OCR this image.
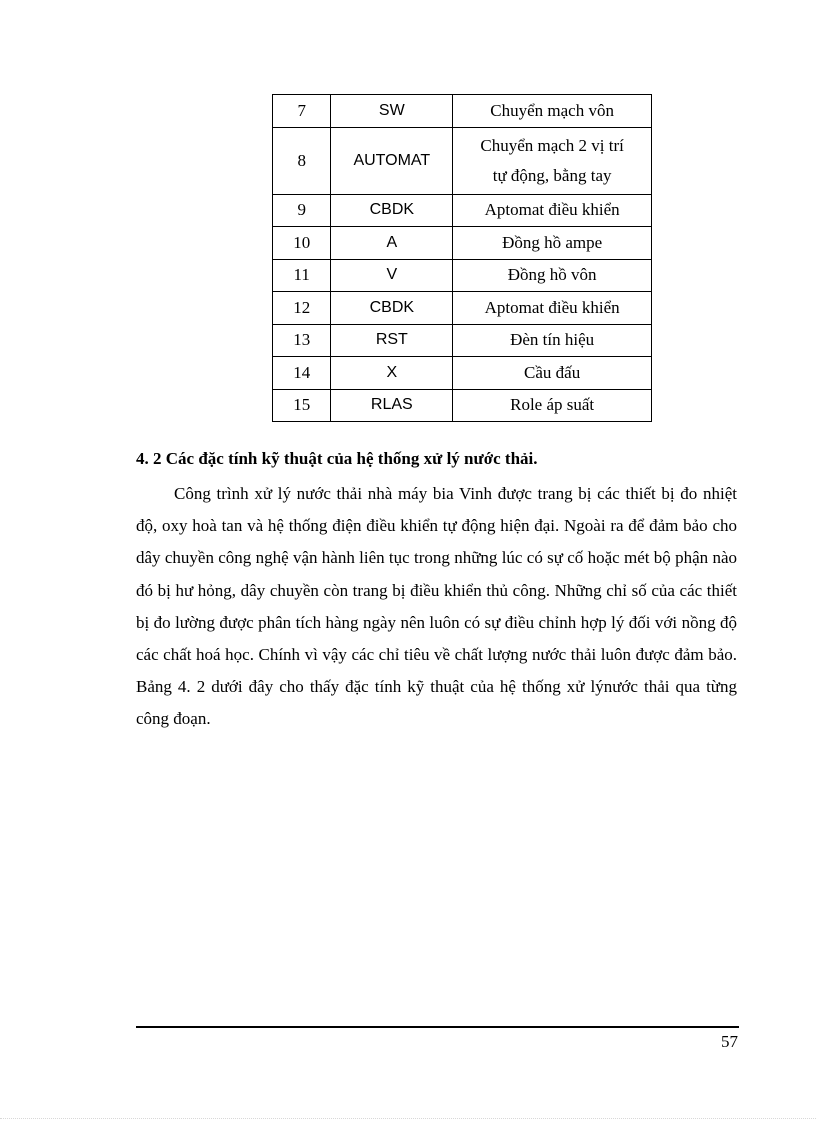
7	SW	Chuyển mạch vôn
8	AUTOMAT	Chuyển mạch 2 vị trí
tự động, bằng tay

9	CBDK	Aptomat điều khiển
10	A	Đồng hồ ampe
11	V	Đồng hồ vôn
12	CBDK	Aptomat điều khiển
13	RST	Đèn tín hiệu
14	X	Cầu đấu
15	RLAS	Role áp suất
4. 2 Các đặc tính kỹ thuật của hệ thống xử lý nước thải.

Công trình xử lý nước thải nhà máy bia Vinh được trang bị các thiết bị đo nhiệt độ, oxy hoà tan và hệ thống điện điều khiển tự động hiện đại. Ngoài ra để đảm bảo cho dây chuyền công nghệ vận hành liên tục trong những lúc có sự cố hoặc mét bộ phận nào đó bị hư hỏng, dây chuyền còn trang bị điều khiển thủ công. Những chỉ số của các thiết bị đo lường được phân tích hàng ngày nên luôn có sự điều chỉnh hợp lý đối với nồng độ các chất hoá học. Chính vì vậy các chỉ tiêu về chất lượng nước thải luôn được đảm bảo. Bảng 4. 2 dưới đây cho thấy đặc tính kỹ thuật của hệ thống xử lýnước thải qua từng công đoạn.

57
